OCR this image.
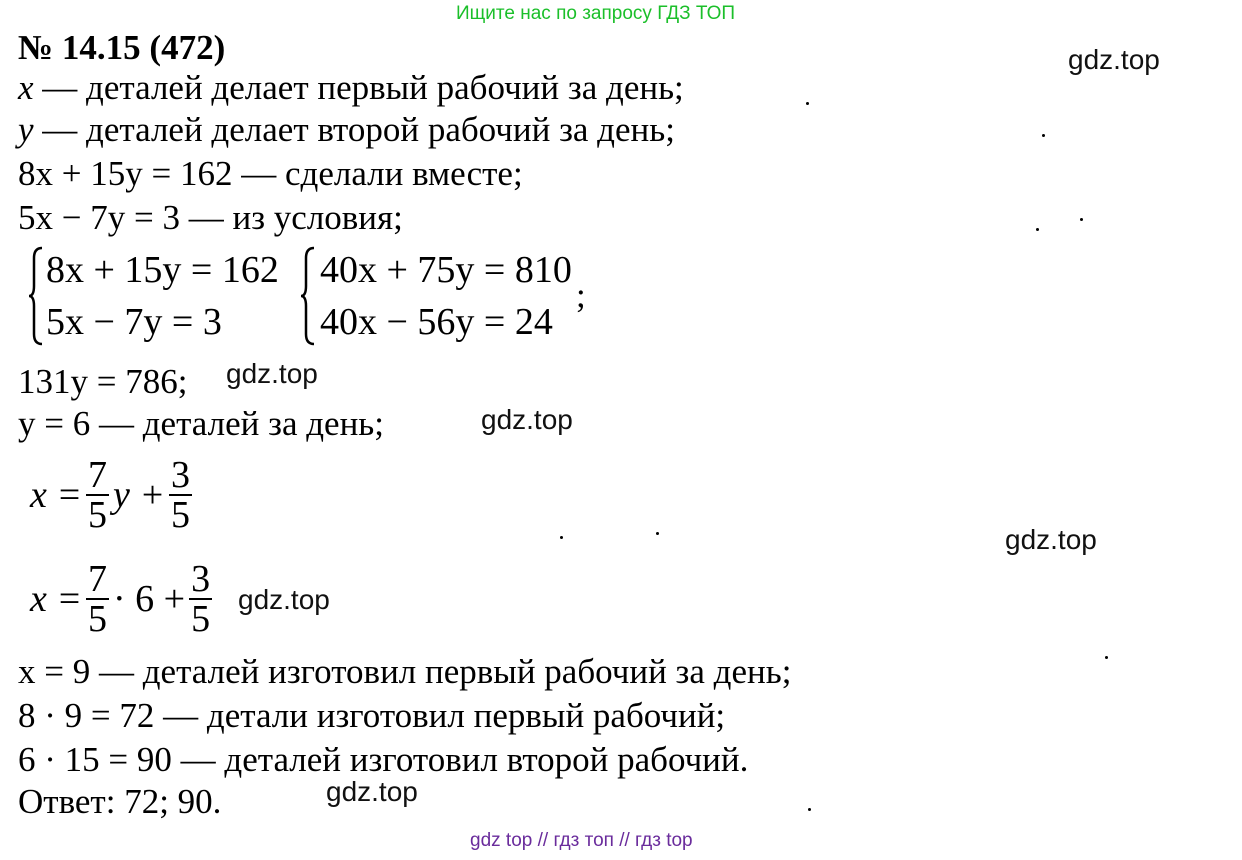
Ищите нас по запросу ГДЗ ТОП
№ 14.15 (472)
x — деталей делает первый рабочий за день;
y — деталей делает второй рабочий за день;
8x + 15y = 162 — сделали вместе;
5x − 7y = 3 — из условия;
8x + 15y = 162
5x − 7y = 3
40x + 75y = 810
40x − 56y = 24
;
131y = 786;
y = 6 — деталей за день;
$x = \frac{7}{5}$ $y + \frac{3}{5}$
$x = \frac{7}{5} \cdot 6 + \frac{3}{5}$
x = 9 — деталей изготовил первый рабочий за день;
8 · 9 = 72 — детали изготовил первый рабочий;
6 · 15 = 90 — деталей изготовил второй рабочий.
Ответ: 72; 90.
gdz.top
gdz.top
gdz.top
gdz.top
gdz.top
gdz.top
gdz top // гдз топ // гдз top
